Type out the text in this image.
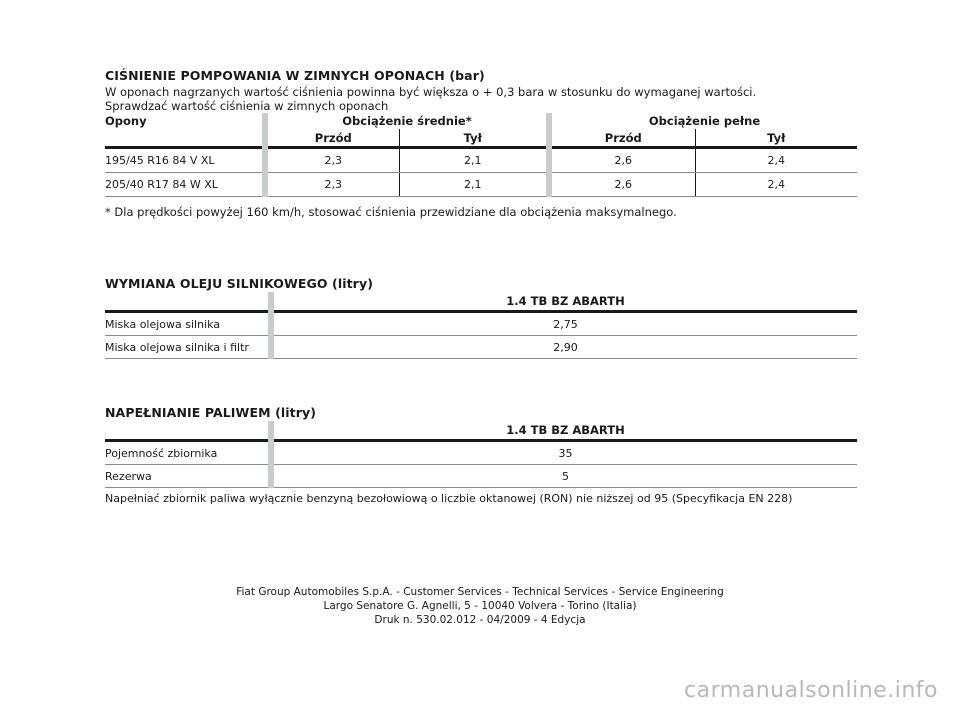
CIŚNIENIE POMPOWANIA W ZIMNYCH OPONACH (bar)
W oponach nagrzanych wartość ciśnienia powinna być większa o + 0,3 bara w stosunku do wymaganej wartości.
Sprawdzać wartość ciśnienia w zimnych oponach
Opony	Obciążenie średnie*		Obciążenie pełne	
	Przód	Tył	Przód	Tył
195/45 R16 84 V XL	2,3	2,1	2,6	2,4
205/40 R17 84 W XL	2,3	2,1	2,6	2,4
* Dla prędkości powyżej 160 km/h, stosować ciśnienia przewidziane dla obciążenia maksymalnego.
WYMIANA OLEJU SILNIKOWEGO (litry)
	1.4 TB BZ ABARTH
Miska olejowa silnika	2,75
Miska olejowa silnika i filtr	2,90
NAPEŁNIANIE PALIWEM (litry)
	1.4 TB BZ ABARTH
Pojemność zbiornika	35
Rezerwa	5
Napełniać zbiornik paliwa wyłącznie benzyną bezołowiową o liczbie oktanowej (RON) nie niższej od 95 (Specyfikacja EN 228)
Fiat Group Automobiles S.p.A. - Customer Services - Technical Services - Service Engineering
Largo Senatore G. Agnelli, 5 - 10040 Volvera - Torino (Italia)
Druk n. 530.02.012 - 04/2009 - 4 Edycja
carmanualsonline.info
